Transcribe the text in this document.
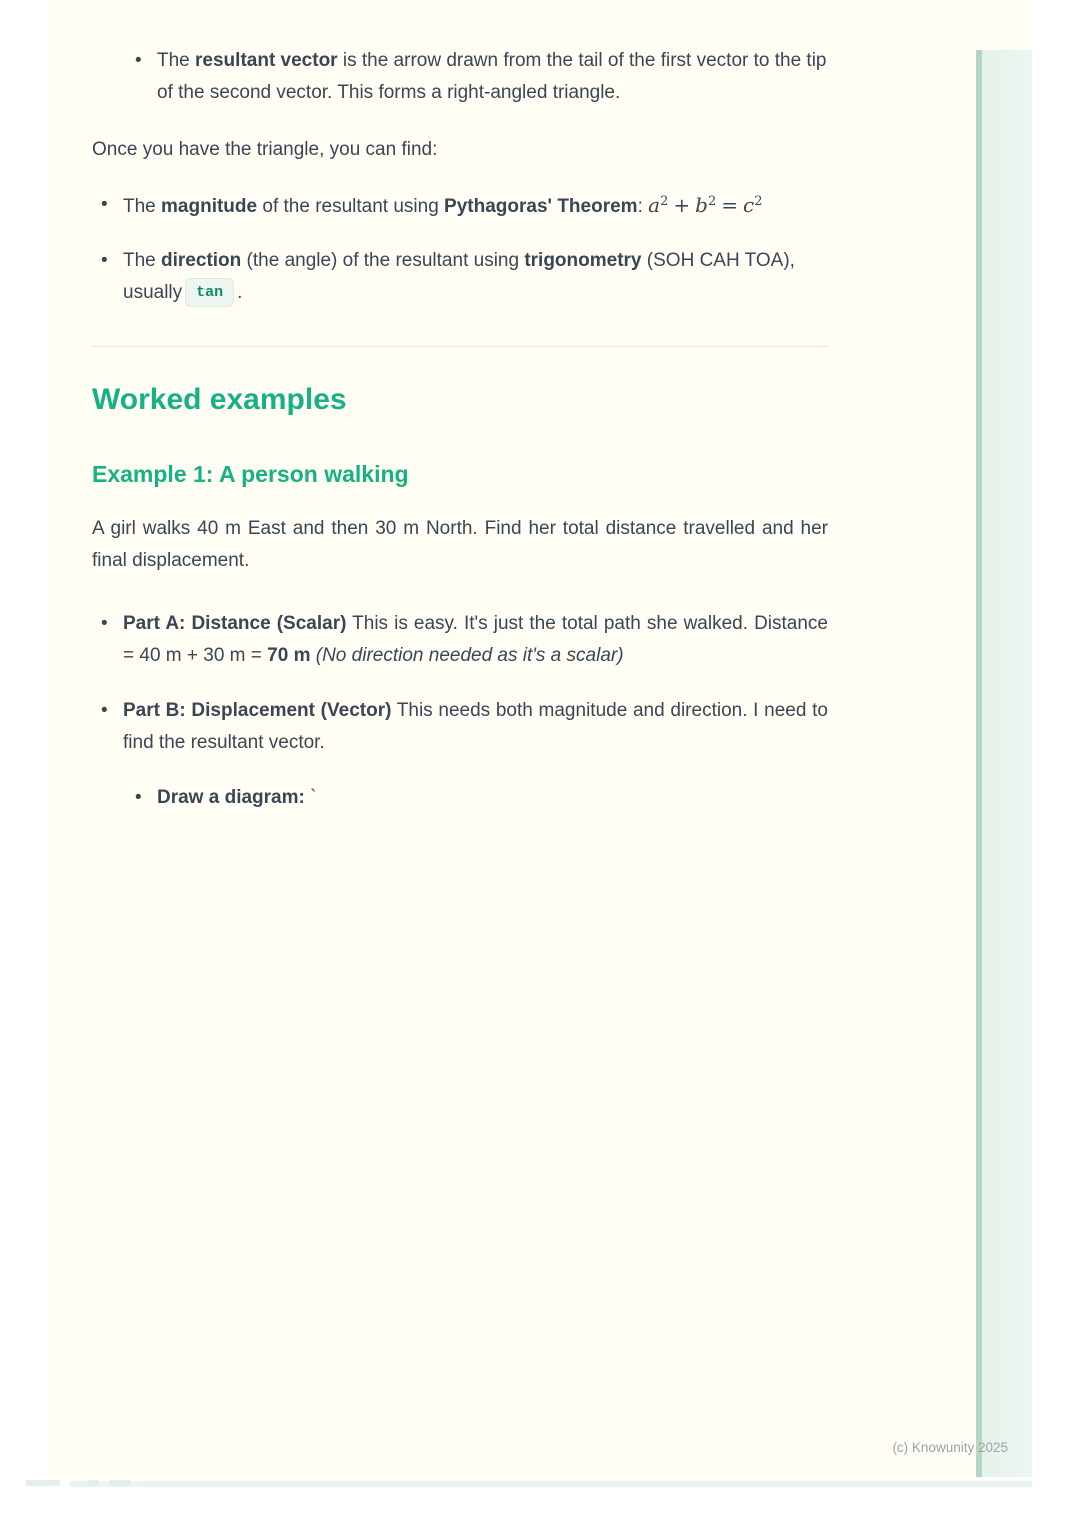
• The resultant vector is the arrow drawn from the tail of the first vector to the tip of the second vector. This forms a right-angled triangle.

Once you have the triangle, you can find:

• The magnitude of the resultant using Pythagoras' Theorem: $a^2 + b^2 = c^2$
• The direction (the angle) of the resultant using trigonometry (SOH CAH TOA), usually tan .
Worked examples
Example 1: A person walking

A girl walks 40 m East and then 30 m North. Find her total distance travelled and her final displacement.

• Part A: Distance (Scalar) This is easy. It's just the total path she walked. Distance = 40 m + 30 m = 70 m (No direction needed as it's a scalar)
• Part B: Displacement (Vector) This needs both magnitude and direction. I need to find the resultant vector.
• Draw a diagram: `
(c) Knowunity 2025
